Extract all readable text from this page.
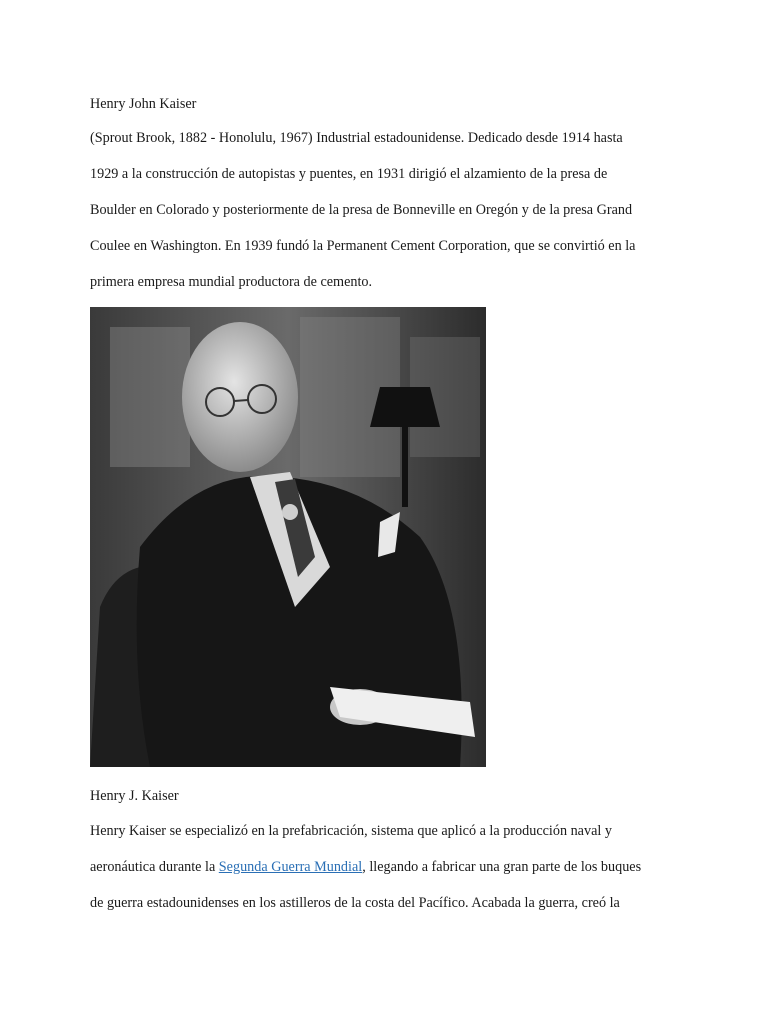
Henry John Kaiser
(Sprout Brook, 1882 - Honolulu, 1967) Industrial estadounidense. Dedicado desde 1914 hasta
1929 a la construcción de autopistas y puentes, en 1931 dirigió el alzamiento de la presa de
Boulder en Colorado y posteriormente de la presa de Bonneville en Oregón y de la presa Grand
Coulee en Washington. En 1939 fundó la Permanent Cement Corporation, que se convirtió en la
primera empresa mundial productora de cemento.
Henry J. Kaiser
Henry Kaiser se especializó en la prefabricación, sistema que aplicó a la producción naval y
aeronáutica durante la Segunda Guerra Mundial, llegando a fabricar una gran parte de los buques
de guerra estadounidenses en los astilleros de la costa del Pacífico. Acabada la guerra, creó la
